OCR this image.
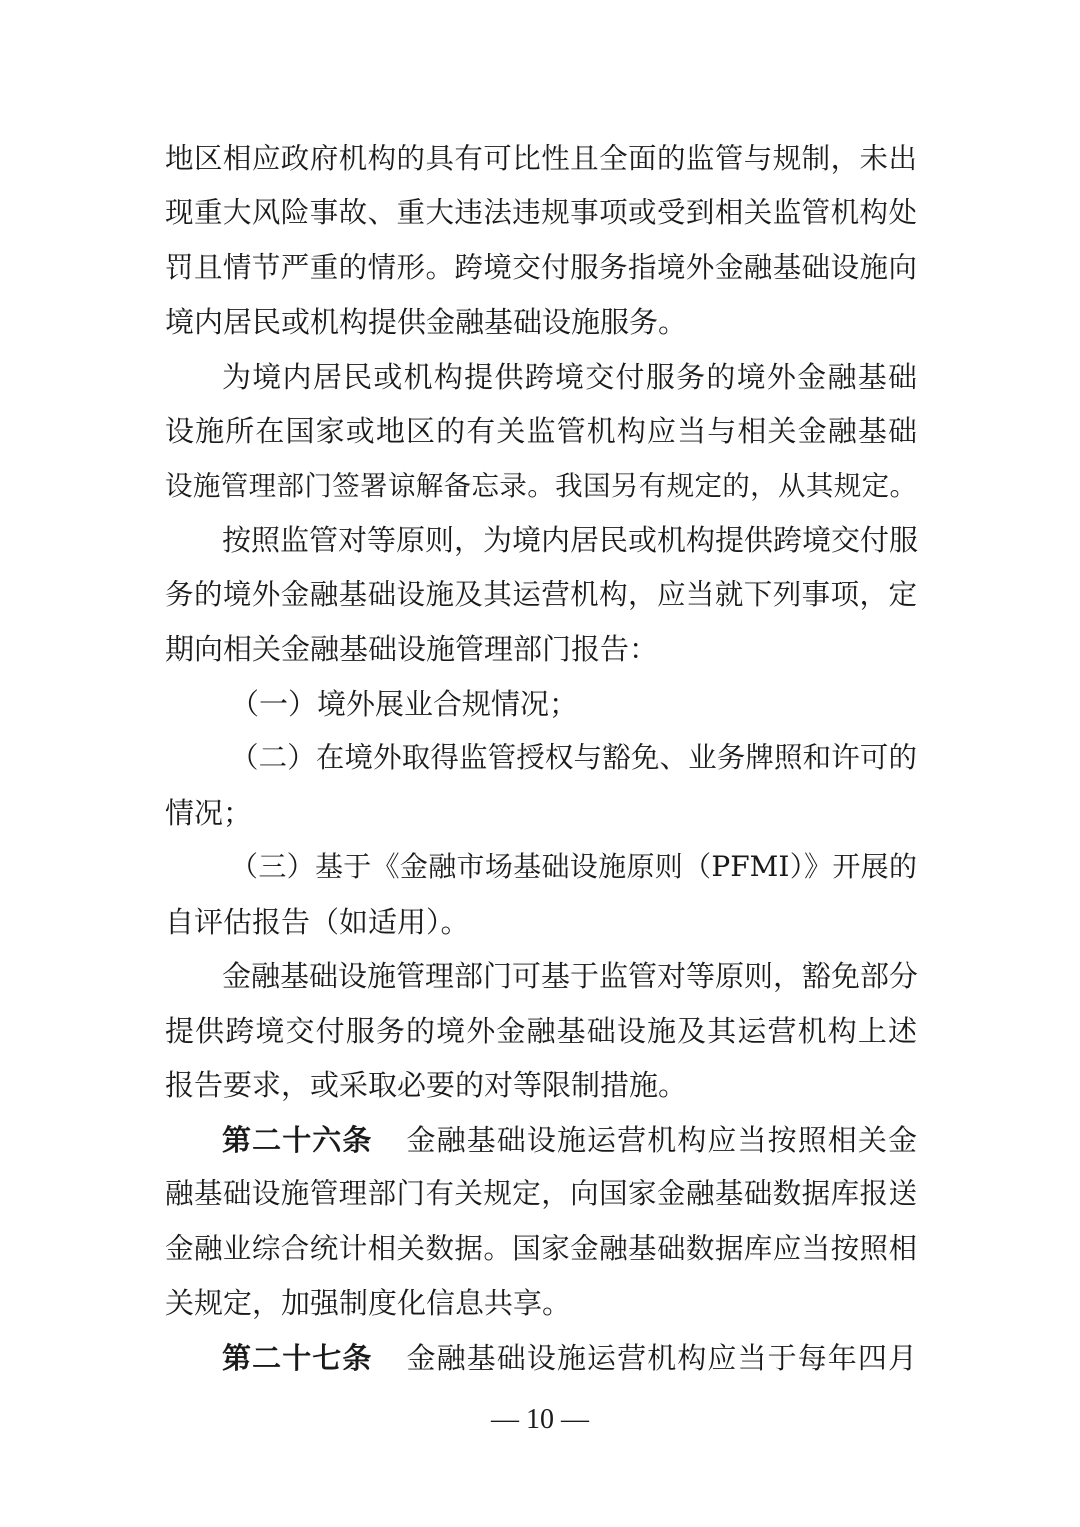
地区相应政府机构的具有可比性且全面的监管与规制，未出
现重大风险事故、重大违法违规事项或受到相关监管机构处
罚且情节严重的情形。跨境交付服务指境外金融基础设施向
境内居民或机构提供金融基础设施服务。
为境内居民或机构提供跨境交付服务的境外金融基础
设施所在国家或地区的有关监管机构应当与相关金融基础
设施管理部门签署谅解备忘录。我国另有规定的，从其规定。
按照监管对等原则，为境内居民或机构提供跨境交付服
务的境外金融基础设施及其运营机构，应当就下列事项，定
期向相关金融基础设施管理部门报告：
（一）境外展业合规情况；
（二）在境外取得监管授权与豁免、业务牌照和许可的
情况；
（三）基于《金融市场基础设施原则（PFMI）》开展的
自评估报告（如适用）。
金融基础设施管理部门可基于监管对等原则，豁免部分
提供跨境交付服务的境外金融基础设施及其运营机构上述
报告要求，或采取必要的对等限制措施。
第二十六条 金融基础设施运营机构应当按照相关金
融基础设施管理部门有关规定，向国家金融基础数据库报送
金融业综合统计相关数据。国家金融基础数据库应当按照相
关规定，加强制度化信息共享。
第二十七条 金融基础设施运营机构应当于每年四月
— 10 —
